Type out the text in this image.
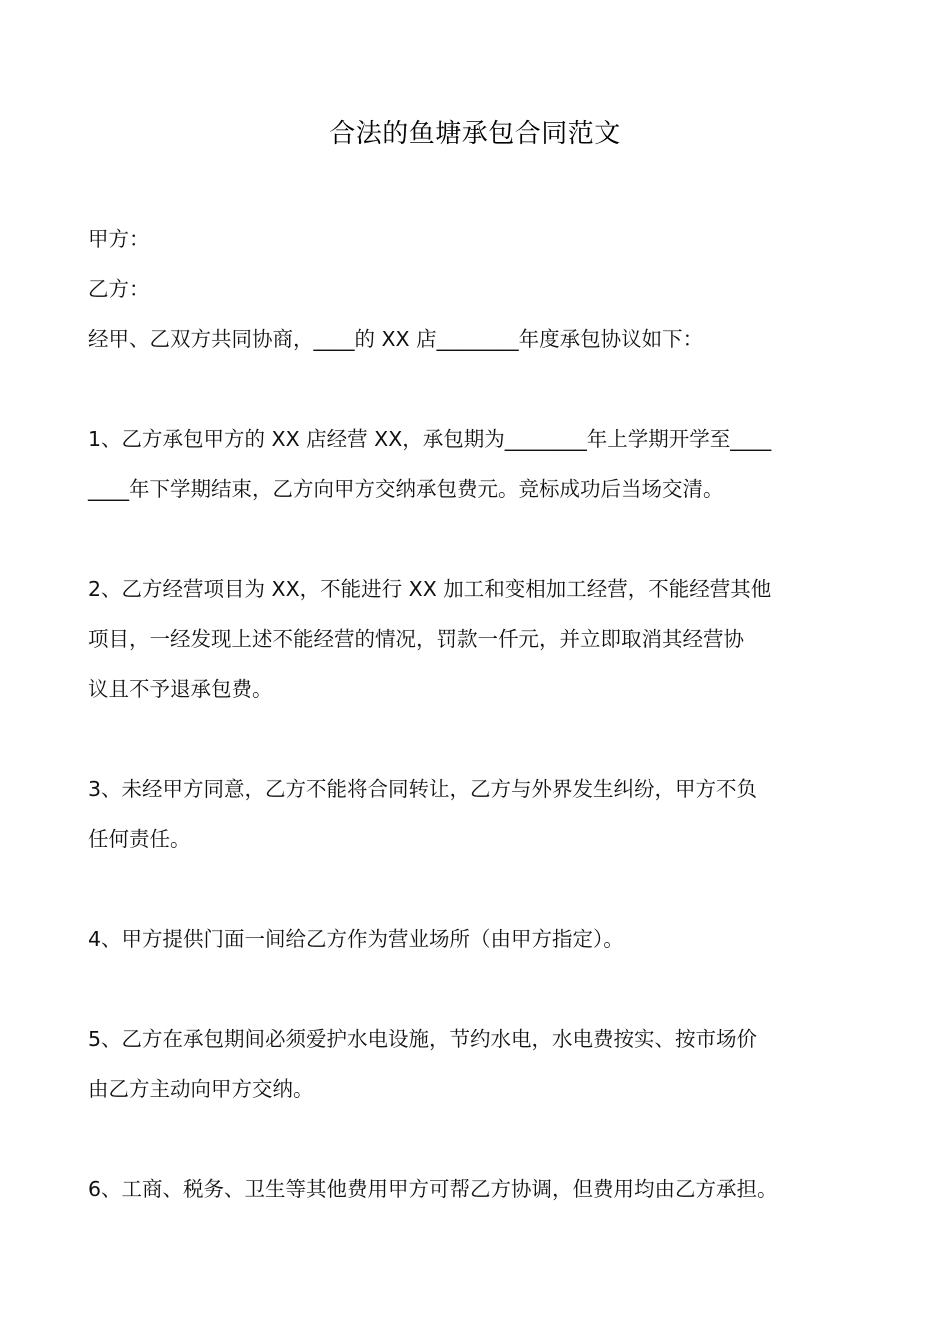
合法的鱼塘承包合同范文
甲方：
乙方：
经甲、乙双方共同协商，____的 XX 店________年度承包协议如下：
1、乙方承包甲方的 XX 店经营 XX，承包期为________年上学期开学至____
____年下学期结束，乙方向甲方交纳承包费元。竞标成功后当场交清。
2、乙方经营项目为 XX，不能进行 XX 加工和变相加工经营，不能经营其他
项目，一经发现上述不能经营的情况，罚款一仟元，并立即取消其经营协
议且不予退承包费。
3、未经甲方同意，乙方不能将合同转让，乙方与外界发生纠纷，甲方不负
任何责任。
4、甲方提供门面一间给乙方作为营业场所（由甲方指定）。
5、乙方在承包期间必须爱护水电设施，节约水电，水电费按实、按市场价
由乙方主动向甲方交纳。
6、工商、税务、卫生等其他费用甲方可帮乙方协调，但费用均由乙方承担。
